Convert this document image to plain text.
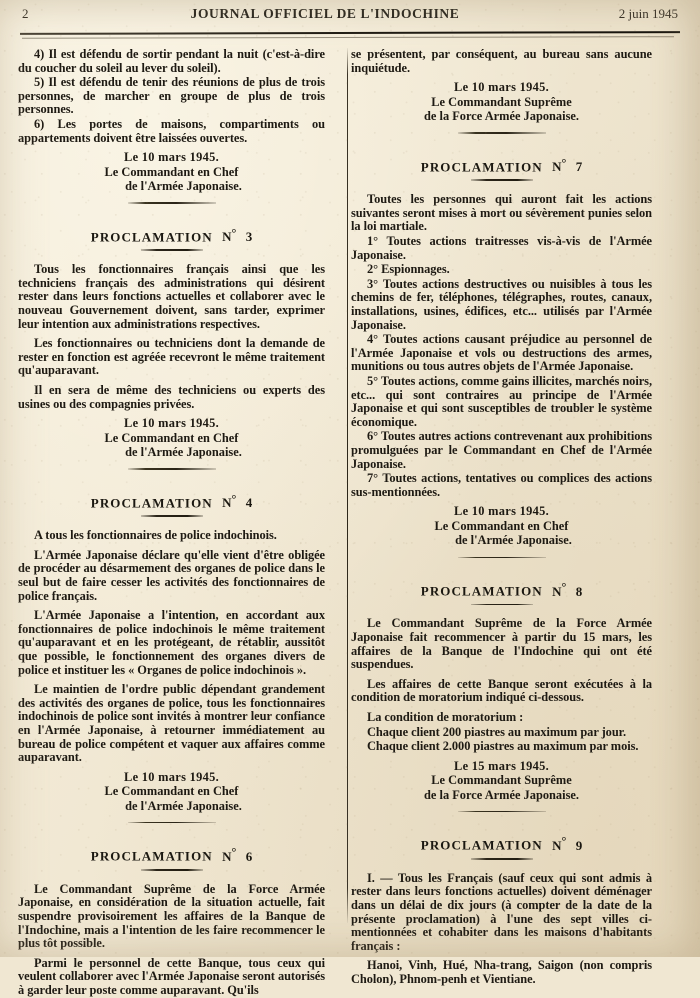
2	JOURNAL OFFICIEL DE L'INDOCHINE	2 juin 1945

4) Il est défendu de sortir pendant la nuit (c'est-à-dire du coucher du soleil au lever du soleil).

5) Il est défendu de tenir des réunions de plus de trois personnes, de marcher en groupe de plus de trois personnes.

6) Les portes de maisons, compartiments ou appartements doivent être laissées ouvertes.

Le 10 mars 1945.
Le Commandant en Chef
de l'Armée Japonaise.
PROCLAMATION N° 3

Tous les fonctionnaires français ainsi que les techniciens français des administrations qui désirent rester dans leurs fonctions actuelles et collaborer avec le nouveau Gouvernement doivent, sans tarder, exprimer leur intention aux administrations respectives.

Les fonctionnaires ou techniciens dont la demande de rester en fonction est agréée recevront le même traitement qu'auparavant.

Il en sera de même des techniciens ou experts des usines ou des compagnies privées.

Le 10 mars 1945.
Le Commandant en Chef
de l'Armée Japonaise.
PROCLAMATION N° 4

A tous les fonctionnaires de police indochinois.

L'Armée Japonaise déclare qu'elle vient d'être obligée de procéder au désarmement des organes de police dans le seul but de faire cesser les activités des fonctionnaires de police français.

L'Armée Japonaise a l'intention, en accordant aux fonctionnaires de police indochinois le même traitement qu'auparavant et en les protégeant, de rétablir, aussitôt que possible, le fonctionnement des organes divers de police et instituer les « Organes de police indochinois ».

Le maintien de l'ordre public dépendant grandement des activités des organes de police, tous les fonctionnaires indochinois de police sont invités à montrer leur confiance en l'Armée Japonaise, à retourner immédiatement au bureau de police compétent et vaquer aux affaires comme auparavant.

Le 10 mars 1945.
Le Commandant en Chef
de l'Armée Japonaise.
PROCLAMATION N° 6

Le Commandant Suprême de la Force Armée Japonaise, en considération de la situation actuelle, fait suspendre provisoirement les affaires de la Banque de l'Indochine, mais a l'intention de les faire recommencer le plus tôt possible.

Parmi le personnel de cette Banque, tous ceux qui veulent collaborer avec l'Armée Japonaise seront autorisés à garder leur poste comme auparavant. Qu'ils

se présentent, par conséquent, au bureau sans aucune inquiétude.

Le 10 mars 1945.
Le Commandant Suprême
de la Force Armée Japonaise.
PROCLAMATION N° 7

Toutes les personnes qui auront fait les actions suivantes seront mises à mort ou sévèrement punies selon la loi martiale.

1° Toutes actions traitresses vis-à-vis de l'Armée Japonaise.

2° Espionnages.

3° Toutes actions destructives ou nuisibles à tous les chemins de fer, téléphones, télégraphes, routes, canaux, installations, usines, édifices, etc... utilisés par l'Armée Japonaise.

4° Toutes actions causant préjudice au personnel de l'Armée Japonaise et vols ou destructions des armes, munitions ou tous autres objets de l'Armée Japonaise.

5° Toutes actions, comme gains illicites, marchés noirs, etc... qui sont contraires au principe de l'Armée Japonaise et qui sont susceptibles de troubler le système économique.

6° Toutes autres actions contrevenant aux prohibitions promulguées par le Commandant en Chef de l'Armée Japonaise.

7° Toutes actions, tentatives ou complices des actions sus-mentionnées.

Le 10 mars 1945.
Le Commandant en Chef
de l'Armée Japonaise.
PROCLAMATION N° 8

Le Commandant Suprême de la Force Armée Japonaise fait recommencer à partir du 15 mars, les affaires de la Banque de l'Indochine qui ont été suspendues.

Les affaires de cette Banque seront exécutées à la condition de moratorium indiqué ci-dessous.

La condition de moratorium :

Chaque client 200 piastres au maximum par jour.

Chaque client 2.000 piastres au maximum par mois.

Le 15 mars 1945.
Le Commandant Suprême
de la Force Armée Japonaise.
PROCLAMATION N° 9

I. — Tous les Français (sauf ceux qui sont admis à rester dans leurs fonctions actuelles) doivent déménager dans un délai de dix jours (à compter de la date de la présente proclamation) à l'une des sept villes ci-mentionnées et cohabiter dans les maisons d'habitants français :

Hanoi, Vinh, Hué, Nha-trang, Saigon (non compris Cholon), Phnom-penh et Vientiane.
